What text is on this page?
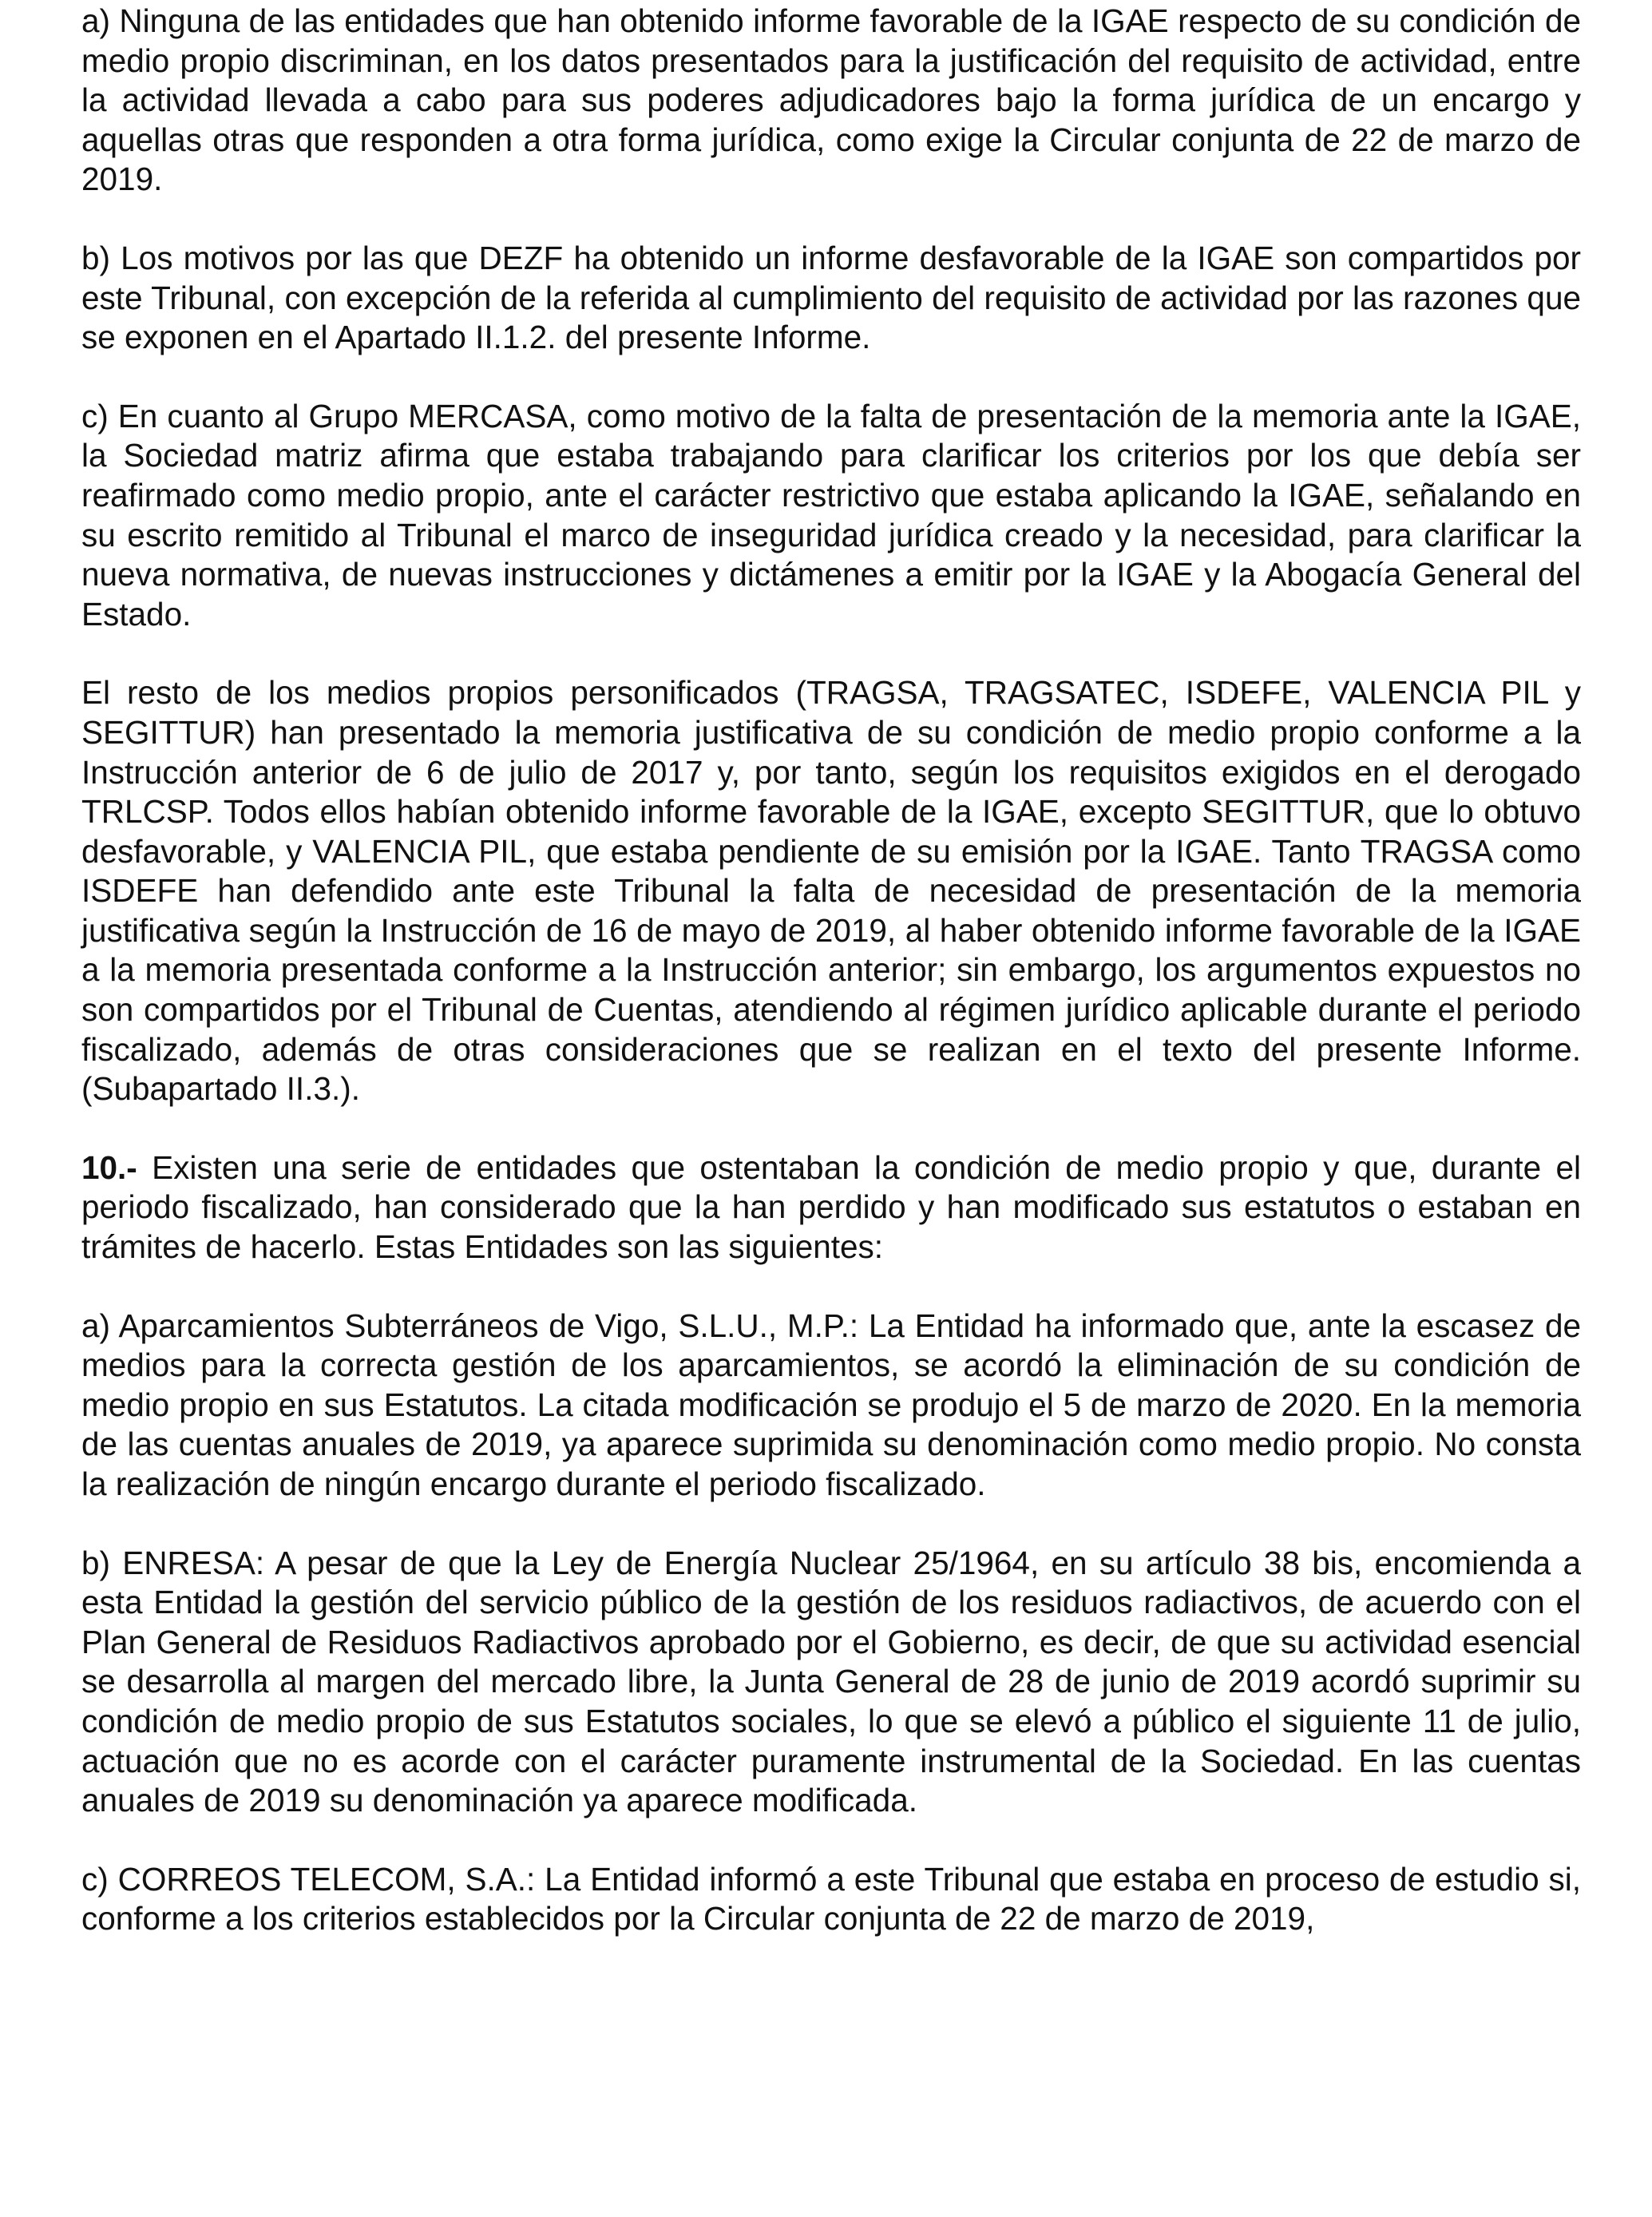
a) Ninguna de las entidades que han obtenido informe favorable de la IGAE respecto de su condición de medio propio discriminan, en los datos presentados para la justificación del requisito de actividad, entre la actividad llevada a cabo para sus poderes adjudicadores bajo la forma jurídica de un encargo y aquellas otras que responden a otra forma jurídica, como exige la Circular conjunta de 22 de marzo de 2019.

b) Los motivos por las que DEZF ha obtenido un informe desfavorable de la IGAE son compartidos por este Tribunal, con excepción de la referida al cumplimiento del requisito de actividad por las razones que se exponen en el Apartado II.1.2. del presente Informe.

c) En cuanto al Grupo MERCASA, como motivo de la falta de presentación de la memoria ante la IGAE, la Sociedad matriz afirma que estaba trabajando para clarificar los criterios por los que debía ser reafirmado como medio propio, ante el carácter restrictivo que estaba aplicando la IGAE, señalando en su escrito remitido al Tribunal el marco de inseguridad jurídica creado y la necesidad, para clarificar la nueva normativa, de nuevas instrucciones y dictámenes a emitir por la IGAE y la Abogacía General del Estado.

El resto de los medios propios personificados (TRAGSA, TRAGSATEC, ISDEFE, VALENCIA PIL y SEGITTUR) han presentado la memoria justificativa de su condición de medio propio conforme a la Instrucción anterior de 6 de julio de 2017 y, por tanto, según los requisitos exigidos en el derogado TRLCSP. Todos ellos habían obtenido informe favorable de la IGAE, excepto SEGITTUR, que lo obtuvo desfavorable, y VALENCIA PIL, que estaba pendiente de su emisión por la IGAE. Tanto TRAGSA como ISDEFE han defendido ante este Tribunal la falta de necesidad de presentación de la memoria justificativa según la Instrucción de 16 de mayo de 2019, al haber obtenido informe favorable de la IGAE a la memoria presentada conforme a la Instrucción anterior; sin embargo, los argumentos expuestos no son compartidos por el Tribunal de Cuentas, atendiendo al régimen jurídico aplicable durante el periodo fiscalizado, además de otras consideraciones que se realizan en el texto del presente Informe. (Subapartado II.3.).

10.- Existen una serie de entidades que ostentaban la condición de medio propio y que, durante el periodo fiscalizado, han considerado que la han perdido y han modificado sus estatutos o estaban en trámites de hacerlo. Estas Entidades son las siguientes:

a) Aparcamientos Subterráneos de Vigo, S.L.U., M.P.: La Entidad ha informado que, ante la escasez de medios para la correcta gestión de los aparcamientos, se acordó la eliminación de su condición de medio propio en sus Estatutos. La citada modificación se produjo el 5 de marzo de 2020. En la memoria de las cuentas anuales de 2019, ya aparece suprimida su denominación como medio propio. No consta la realización de ningún encargo durante el periodo fiscalizado.

b) ENRESA: A pesar de que la Ley de Energía Nuclear 25/1964, en su artículo 38 bis, encomienda a esta Entidad la gestión del servicio público de la gestión de los residuos radiactivos, de acuerdo con el Plan General de Residuos Radiactivos aprobado por el Gobierno, es decir, de que su actividad esencial se desarrolla al margen del mercado libre, la Junta General de 28 de junio de 2019 acordó suprimir su condición de medio propio de sus Estatutos sociales, lo que se elevó a público el siguiente 11 de julio, actuación que no es acorde con el carácter puramente instrumental de la Sociedad. En las cuentas anuales de 2019 su denominación ya aparece modificada.

c) CORREOS TELECOM, S.A.: La Entidad informó a este Tribunal que estaba en proceso de estudio si, conforme a los criterios establecidos por la Circular conjunta de 22 de marzo de 2019,
